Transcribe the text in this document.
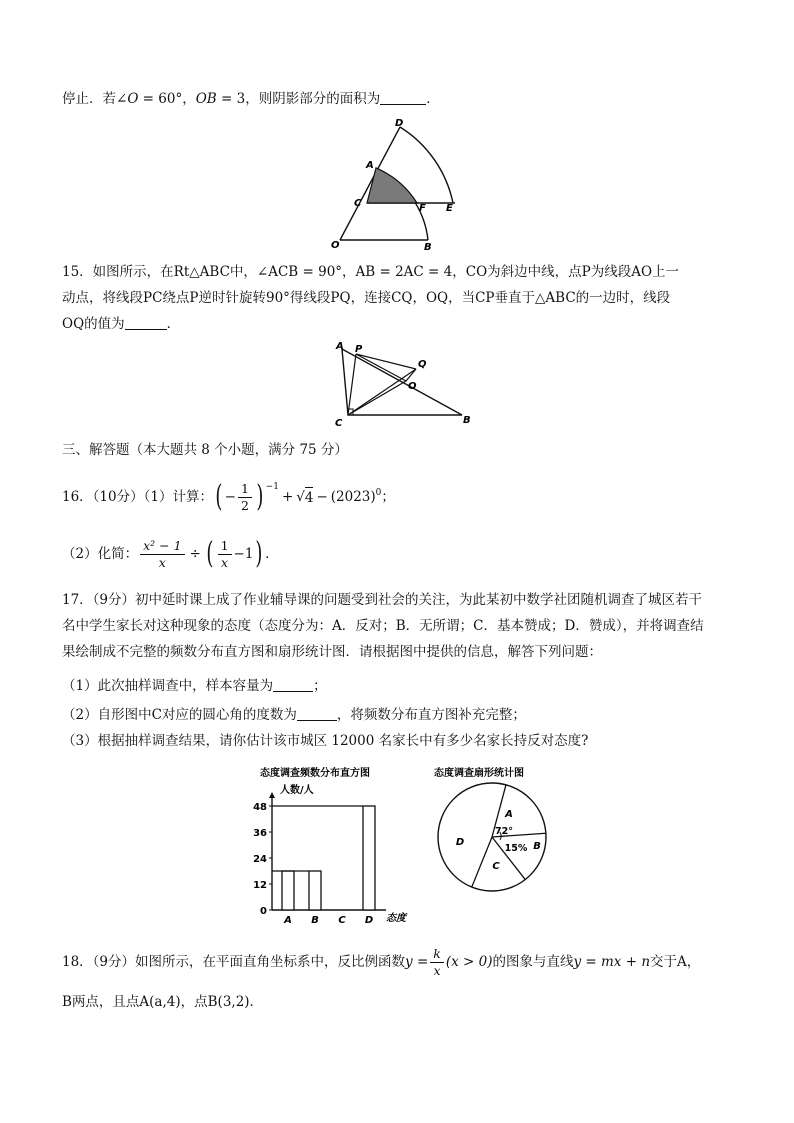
停止．若∠O = 60°，OB = 3，则阴影部分的面积为	．
D
A
C	F E
O	B
15．如图所示，在Rt△ABC中，∠ACB = 90°，AB = 2AC = 4，CO为斜边中线，点P为线段AO上一
动点，将线段PC绕点P逆时针旋转90°得线段PQ，连接CQ，OQ，当CP垂直于△ABC的一边时，线段
OQ的值为	．
A P
Q
O
C	B
三、解答题（本大题共 8 个小题，满分 75 分）
16．（10分）（1）计算： ( − $\frac{1}{2}$ ) $^{-1}$
+ √ $4 - (2023)^0$ ；
（2）化简： $\frac{\text{x² − 1}}{x}$ ÷ ( $\frac{1}{x} -1$ ) ．
17．（9分）初中延时课上成了作业辅导课的问题受到社会的关注，为此某初中数学社团随机调查了城区若干
名中学生家长对这种现象的态度（态度分为：A．反对；B．无所谓；C．基本赞成；D．赞成），并将调查结
果绘制成不完整的频数分布直方图和扇形统计图．请根据图中提供的信息，解答下列问题：
（1）此次抽样调查中，样本容量为	；
（2）自形图中C对应的圆心角的度数为	，将频数分布直方图补充完整；
（3）根据抽样调查结果，请你估计该市城区 12000 名家长中有多少名家长持反对态度?
态度调查频数分布直方图
人数/人
态度
0
12
24
36
48
A B C D
态度调查扇形统计图
A
B
C
D
72°
15%
18．（9分）如图所示，在平面直角坐标系中，反比例函数 $y = \frac{k}{x} (x > 0)$ 的图象与直线 y = mx + n 交于A，
B两点，且点A(a,4)，点B(3,2)．
